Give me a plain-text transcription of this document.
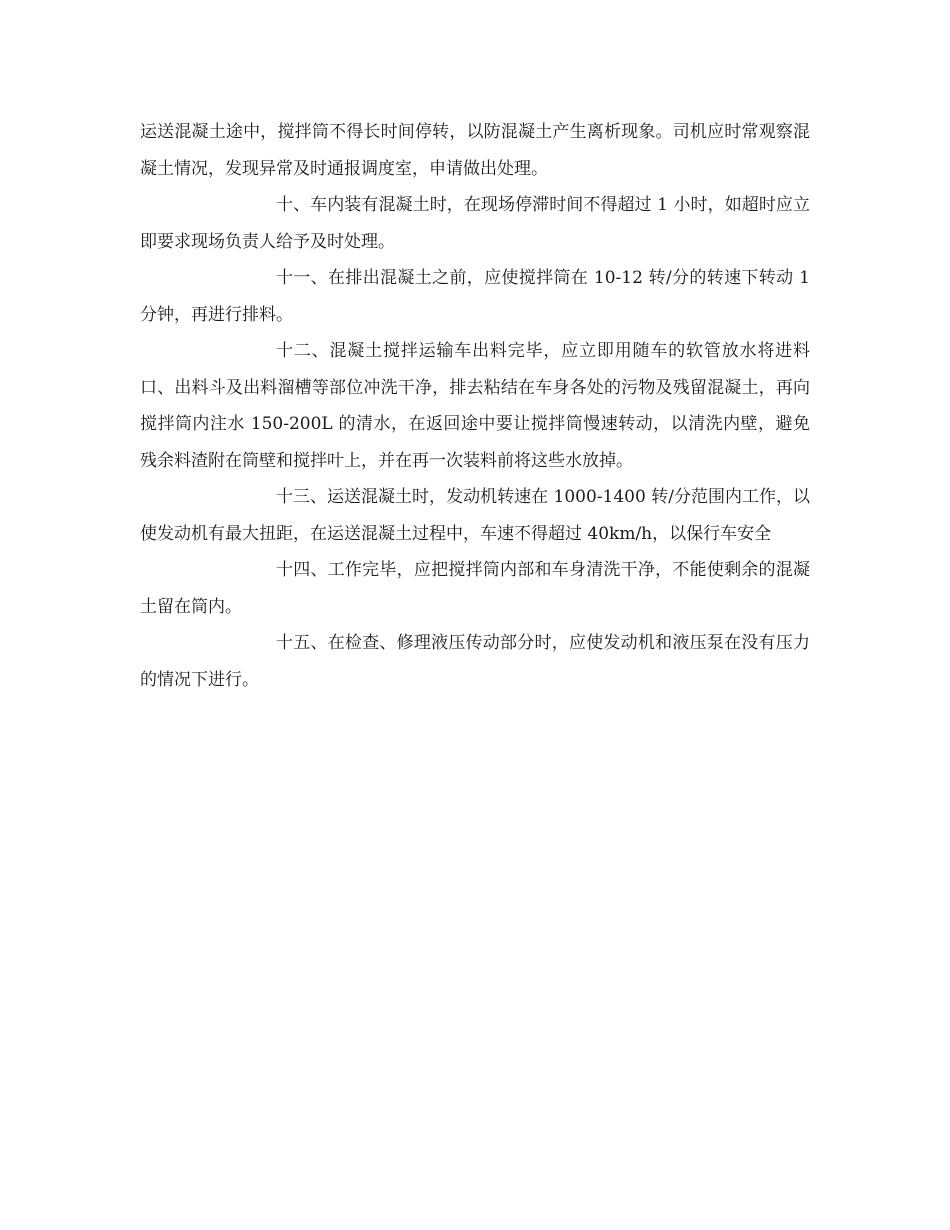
运送混凝土途中，搅拌筒不得长时间停转，以防混凝土产生离析现象。司机应时常观察混凝土情况，发现异常及时通报调度室，申请做出处理。

十、车内装有混凝土时，在现场停滞时间不得超过 1 小时，如超时应立即要求现场负责人给予及时处理。

十一、在排出混凝土之前，应使搅拌筒在 10-12 转/分的转速下转动 1 分钟，再进行排料。

十二、混凝土搅拌运输车出料完毕，应立即用随车的软管放水将进料口、出料斗及出料溜槽等部位冲洗干净，排去粘结在车身各处的污物及残留混凝土，再向搅拌筒内注水 150-200L 的清水，在返回途中要让搅拌筒慢速转动，以清洗内壁，避免残余料渣附在筒壁和搅拌叶上，并在再一次装料前将这些水放掉。

十三、运送混凝土时，发动机转速在 1000-1400 转/分范围内工作，以使发动机有最大扭距，在运送混凝土过程中，车速不得超过 40km/h，以保行车安全

十四、工作完毕，应把搅拌筒内部和车身清洗干净，不能使剩余的混凝土留在筒内。

十五、在检查、修理液压传动部分时，应使发动机和液压泵在没有压力的情况下进行。
